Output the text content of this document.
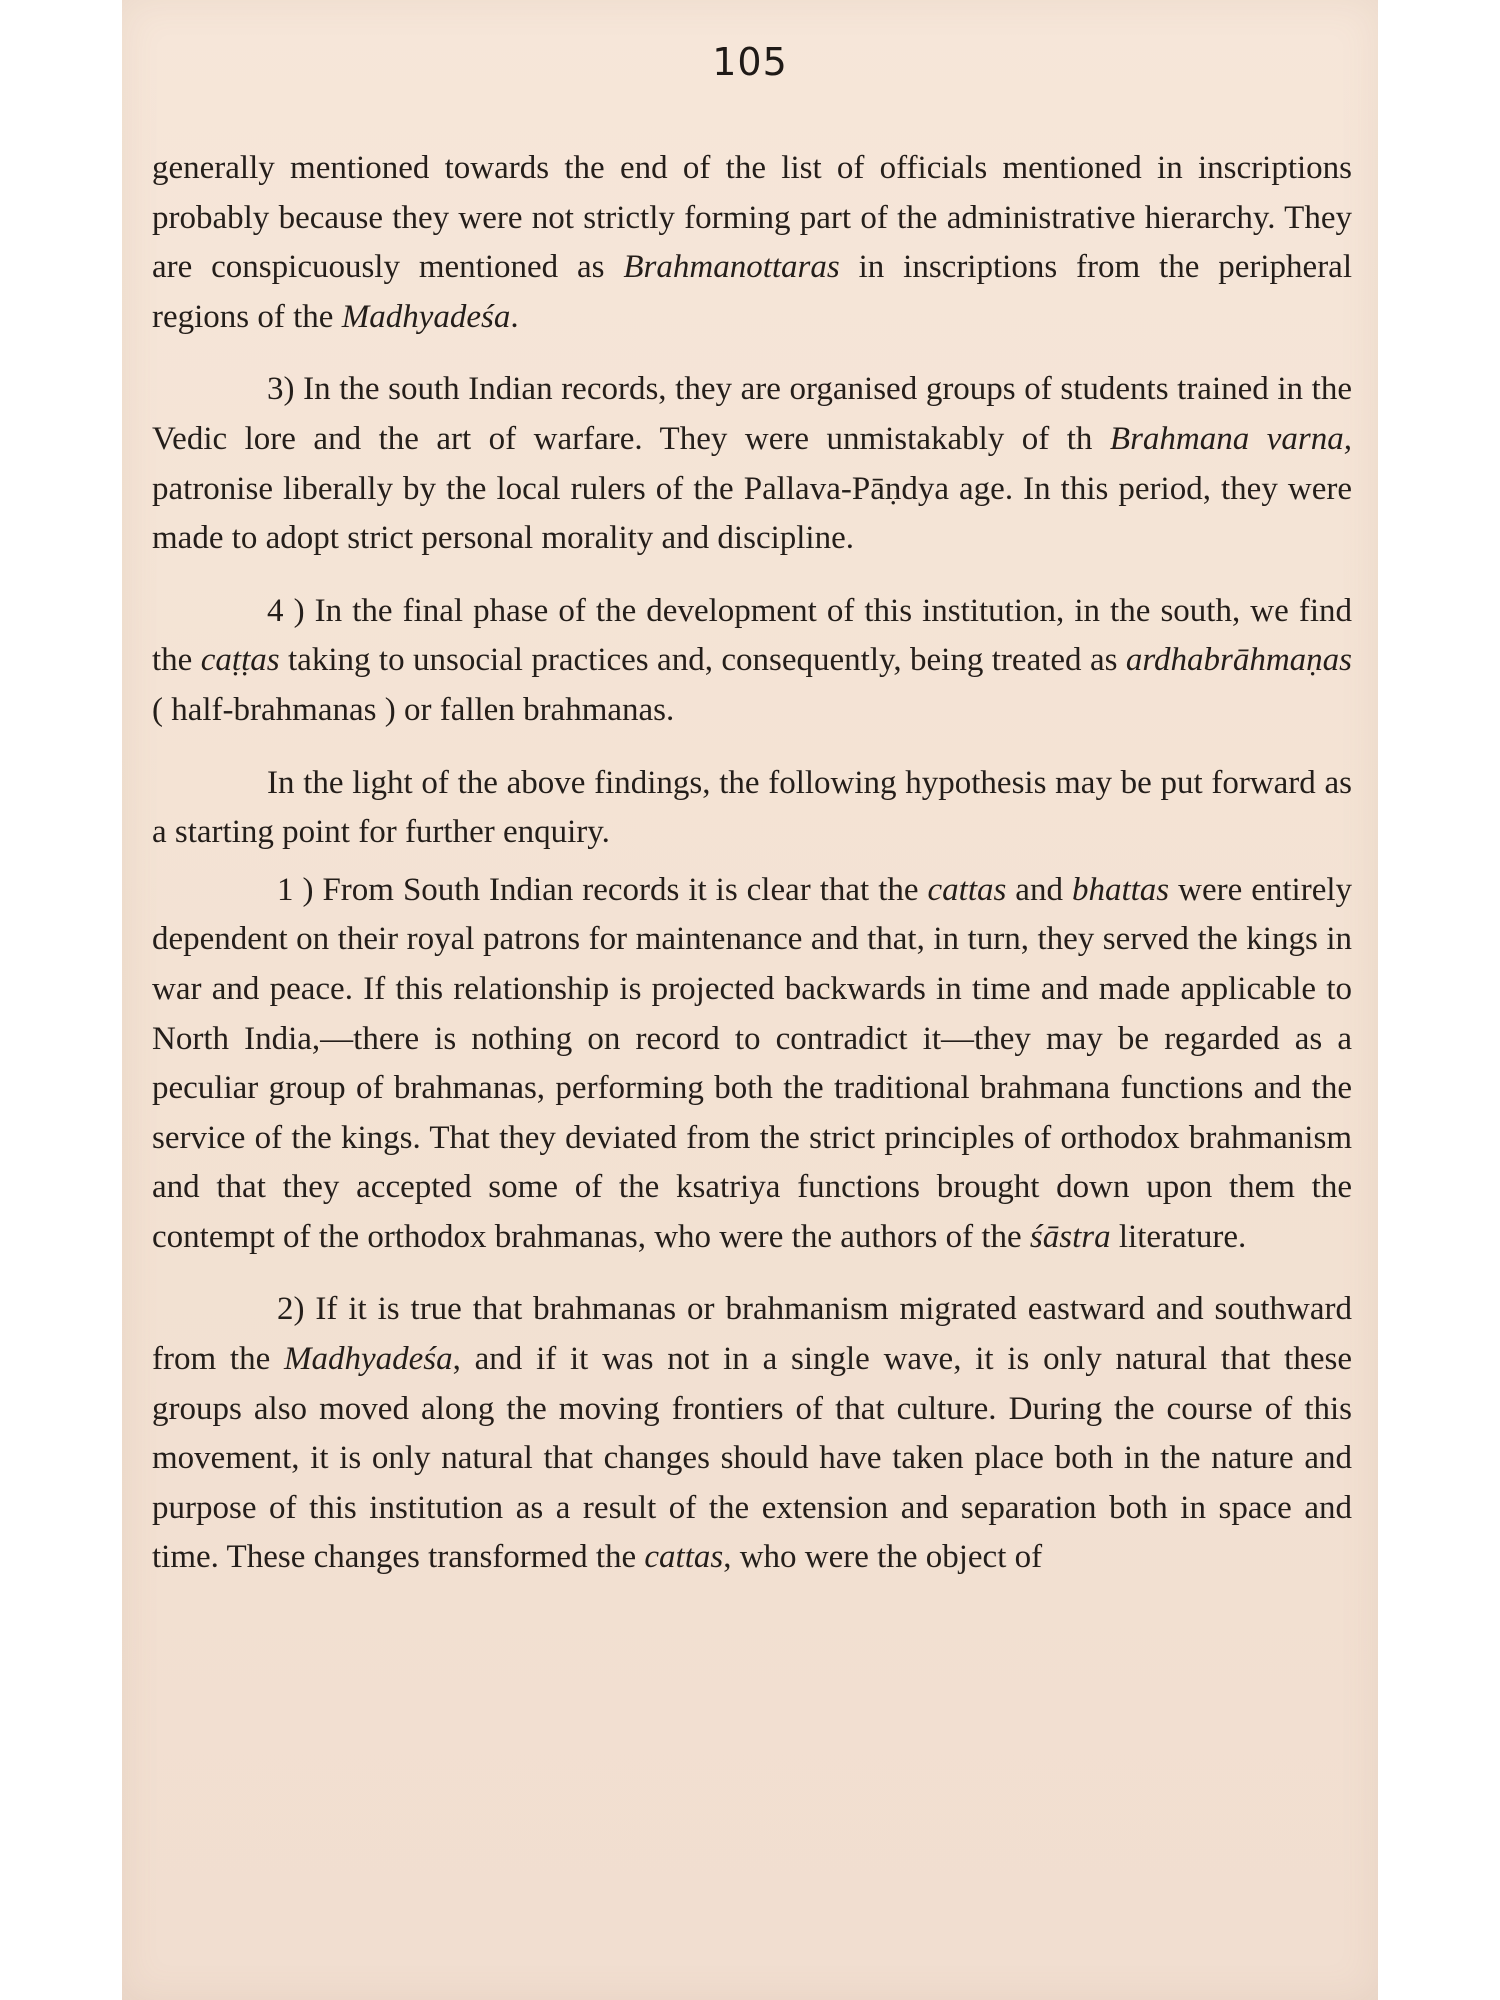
105

generally mentioned towards the end of the list of officials mentioned in inscriptions probably because they were not strictly forming part of the administrative hierarchy. They are conspicuously mentioned as Brahmanottaras in inscriptions from the peripheral regions of the Madhyadeśa.

3) In the south Indian records, they are organised groups of students trained in the Vedic lore and the art of warfare. They were unmistakably of th Brahmana varna, patronise liberally by the local rulers of the Pallava-Pāṇdya age. In this period, they were made to adopt strict personal morality and discipline.

4 ) In the final phase of the development of this institution, in the south, we find the caṭṭas taking to unsocial practices and, consequently, being treated as ardhabrāhmaṇas ( half-brahmanas ) or fallen brahmanas.

In the light of the above findings, the following hypothesis may be put forward as a starting point for further enquiry.

1 ) From South Indian records it is clear that the cattas and bhattas were entirely dependent on their royal patrons for maintenance and that, in turn, they served the kings in war and peace. If this relationship is projected backwards in time and made applicable to North India,—there is nothing on record to contradict it—they may be regarded as a peculiar group of brahmanas, performing both the traditional brahmana functions and the service of the kings. That they deviated from the strict principles of orthodox brahmanism and that they accepted some of the ksatriya functions brought down upon them the contempt of the orthodox brahmanas, who were the authors of the śāstra literature.

2) If it is true that brahmanas or brahmanism migrated eastward and southward from the Madhyadeśa, and if it was not in a single wave, it is only natural that these groups also moved along the moving frontiers of that culture. During the course of this movement, it is only natural that changes should have taken place both in the nature and purpose of this institution as a result of the extension and separation both in space and time. These changes transformed the cattas, who were the object of
